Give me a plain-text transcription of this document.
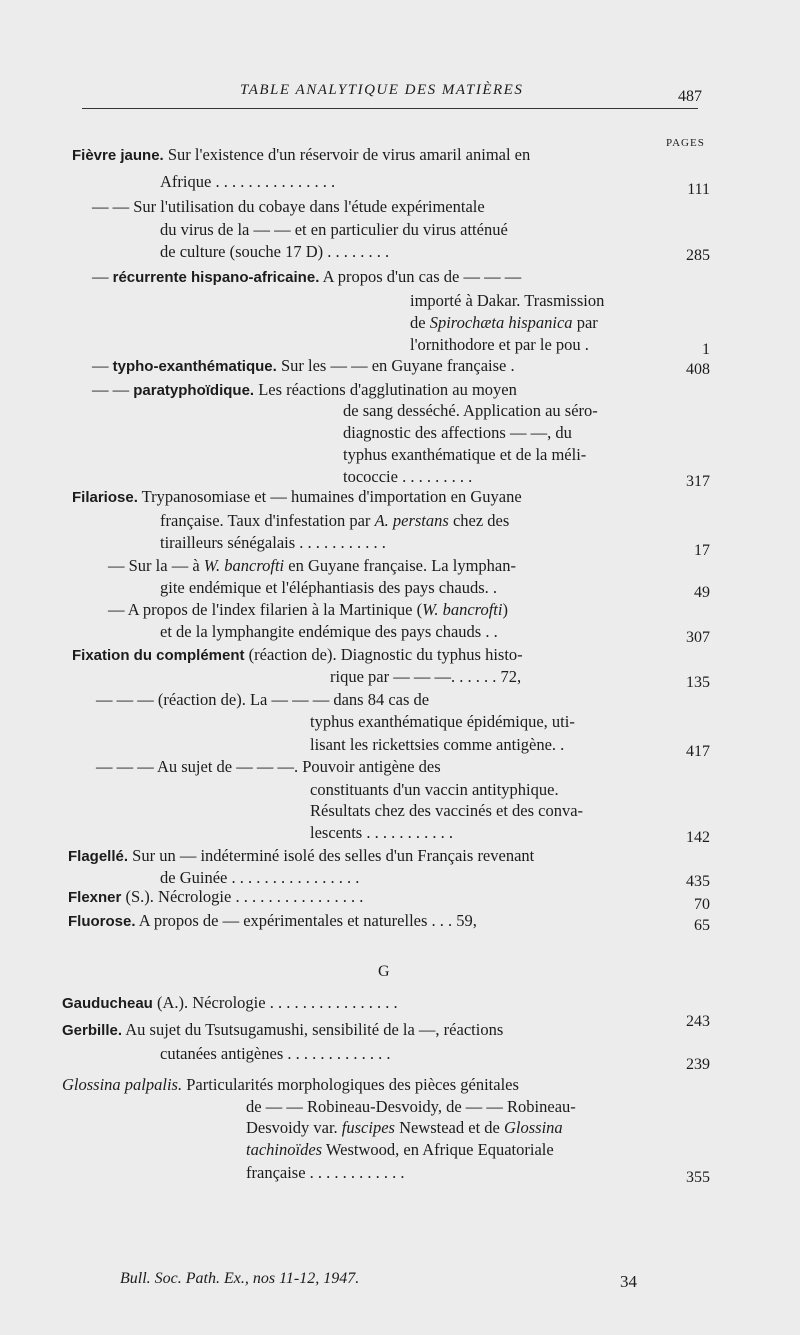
TABLE ANALYTIQUE DES MATIÈRES	487
PAGES
Fièvre jaune. Sur l'existence d'un réservoir de virus amaril animal en
Afrique . . . . . . . . . . . . . . .
— — Sur l'utilisation du cobaye dans l'étude expérimentale
du virus de la — — et en particulier du virus atténué
de culture (souche 17 D) . . . . . . . .
— récurrente hispano-africaine. A propos d'un cas de — — —
importé à Dakar. Trasmission
de Spirochæta hispanica par
l'ornithodore et par le pou .
— typho-exanthématique. Sur les — — en Guyane française .
— — paratyphoïdique. Les réactions d'agglutination au moyen
de sang desséché. Application au séro-
diagnostic des affections — —, du
typhus exanthématique et de la méli-
tococcie . . . . . . . . .
Filariose. Trypanosomiase et — humaines d'importation en Guyane
française. Taux d'infestation par A. perstans chez des
tirailleurs sénégalais . . . . . . . . . . .
— Sur la — à W. bancrofti en Guyane française. La lymphan-
gite endémique et l'éléphantiasis des pays chauds. .
— A propos de l'index filarien à la Martinique (W. bancrofti)
et de la lymphangite endémique des pays chauds . .
Fixation du complément (réaction de). Diagnostic du typhus histo-
rique par — — —. . . . . . 72,
— — — (réaction de). La — — — dans 84 cas de
typhus exanthématique épidémique, uti-
lisant les rickettsies comme antigène. .
— — — Au sujet de — — —. Pouvoir antigène des
constituants d'un vaccin antityphique.
Résultats chez des vaccinés et des conva-
lescents . . . . . . . . . . .
Flagellé. Sur un — indéterminé isolé des selles d'un Français revenant
de Guinée . . . . . . . . . . . . . . . .
Flexner (S.). Nécrologie . . . . . . . . . . . . . . . .
Fluorose. A propos de — expérimentales et naturelles . . . 59,
Gauducheau (A.). Nécrologie . . . . . . . . . . . . . . . .
Gerbille. Au sujet du Tsutsugamushi, sensibilité de la —, réactions
cutanées antigènes . . . . . . . . . . . . .
Glossina palpalis. Particularités morphologiques des pièces génitales
de — — Robineau-Desvoidy, de — — Robineau-
Desvoidy var. fuscipes Newstead et de Glossina
tachinoïdes Westwood, en Afrique Equatoriale
française . . . . . . . . . . . .
111
285
1
408
317
17
49
307
135
417
142
435
70
65
243
239
355
G
Bull. Soc. Path. Ex., nos 11-12, 1947.	34
